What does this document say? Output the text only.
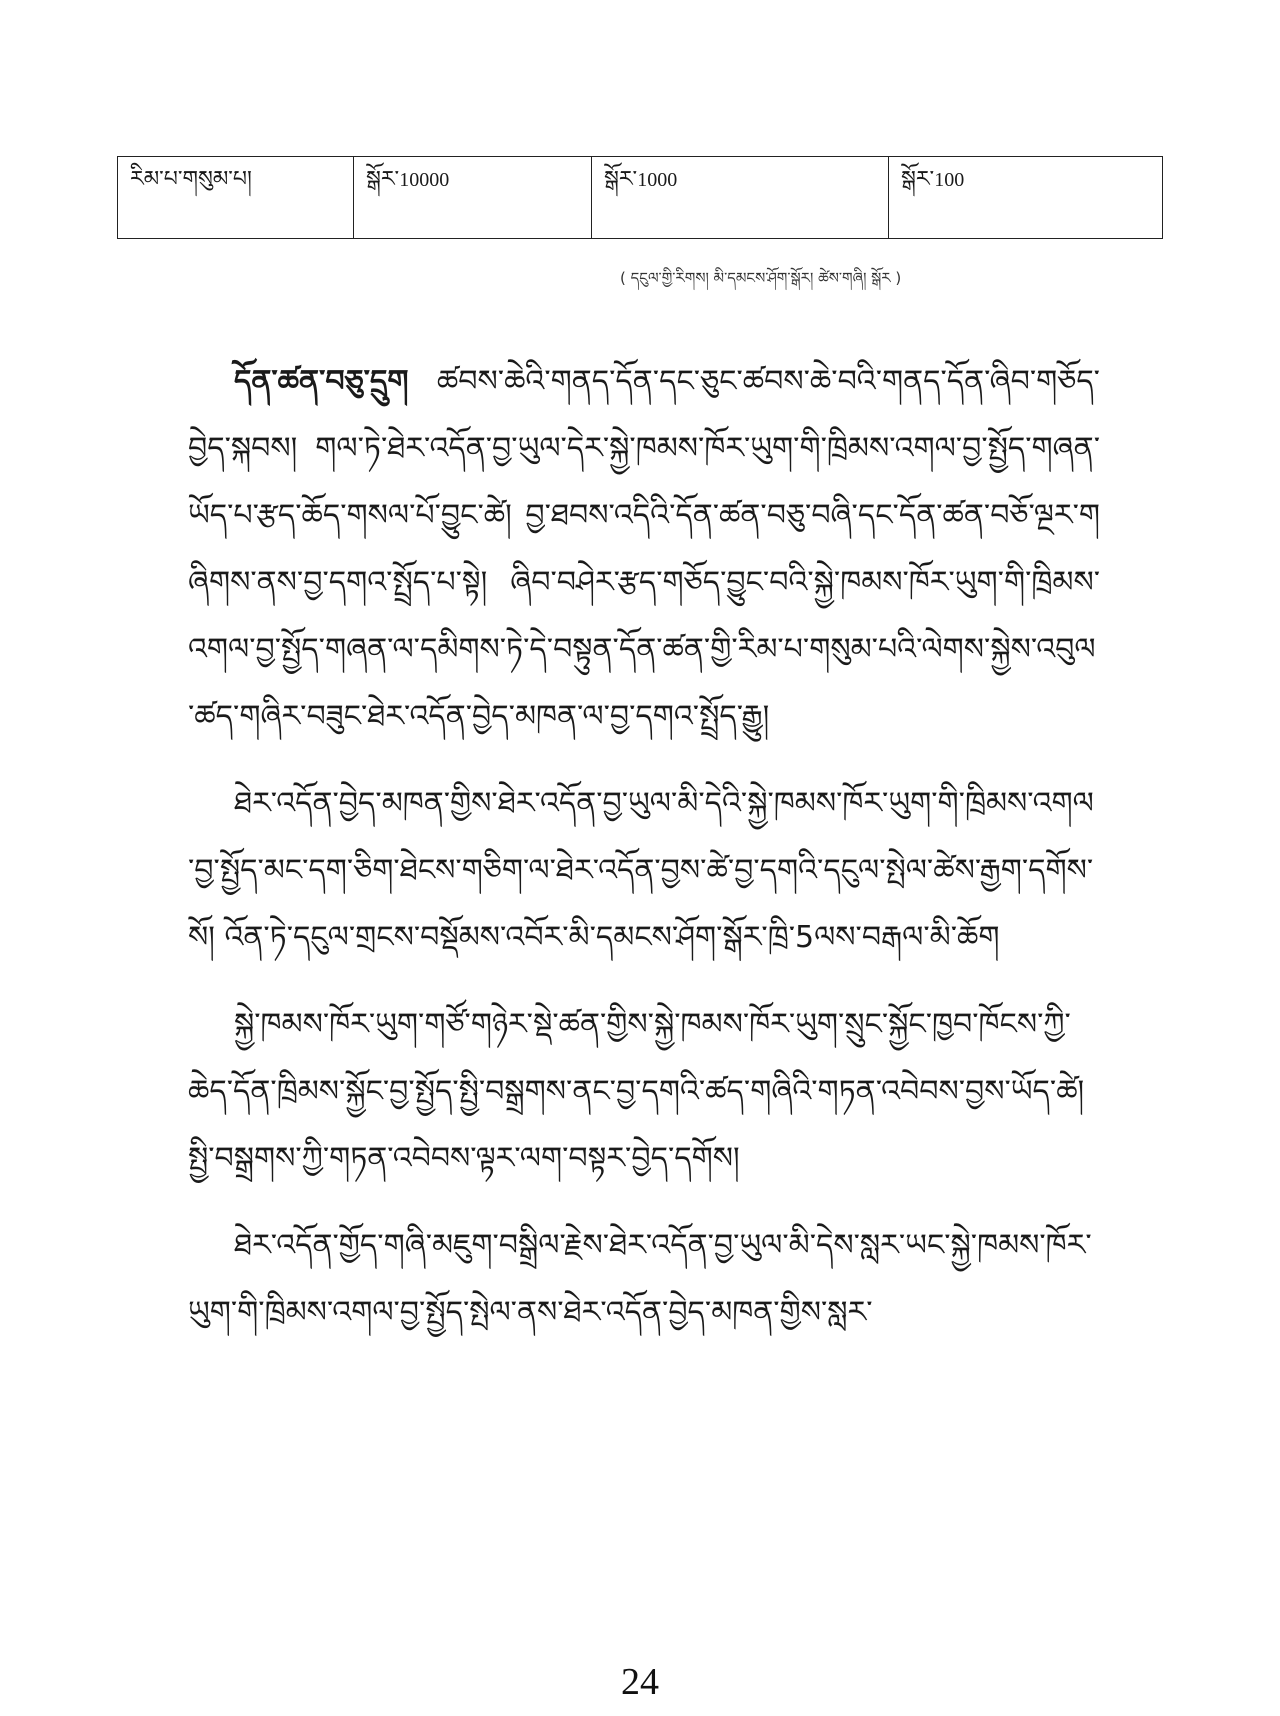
རིམ་པ་གསུམ་པ།	སྒོར་10000	སྒོར་1000	སྒོར་100
( དངུལ་གྱི་རིགས། མི་དམངས་ཤོག་སྒོར། ཚེས་གཞི། སྒོར )

དོན་ཚན་བཅུ་དྲུག ཚབས་ཆེའི་གནད་དོན་དང་ཅུང་ཚབས་ཆེ་བའི་གནད་དོན་ཞིབ་གཅོད་བྱེད་སྐབས། གལ་ཏེ་ཐེར་འདོན་བྱ་ཡུལ་དེར་སྐྱེ་ཁམས་ཁོར་ཡུག་གི་ཁྲིམས་འགལ་བྱ་སྤྱོད་གཞན་ཡོད་པ་རྩད་ཆོད་གསལ་པོ་བྱུང་ཚེ། བྱ་ཐབས་འདིའི་དོན་ཚན་བཅུ་བཞི་དང་དོན་ཚན་བཅོ་ལྔར་གཞིགས་ནས་བྱ་དགའ་སྤྲོད་པ་སྟེ། ཞིབ་བཤེར་རྩད་གཅོད་བྱུང་བའི་སྐྱེ་ཁམས་ཁོར་ཡུག་གི་ཁྲིམས་འགལ་བྱ་སྤྱོད་གཞན་ལ་དམིགས་ཏེ་དེ་བསྟུན་དོན་ཚན་གྱི་རིམ་པ་གསུམ་པའི་ལེགས་སྐྱེས་འབུལ་ཚད་གཞིར་བཟུང་ཐེར་འདོན་བྱེད་མཁན་ལ་བྱ་དགའ་སྤྲོད་རྒྱུ།

ཐེར་འདོན་བྱེད་མཁན་གྱིས་ཐེར་འདོན་བྱ་ཡུལ་མི་དེའི་སྐྱེ་ཁམས་ཁོར་ཡུག་གི་ཁྲིམས་འགལ་བྱ་སྤྱོད་མང་དག་ཅིག་ཐེངས་གཅིག་ལ་ཐེར་འདོན་བྱས་ཚེ་བྱ་དགའི་དངུལ་སྤེལ་ཚེས་རྒྱག་དགོས་སོ། འོན་ཏེ་དངུལ་གྲངས་བསྡོམས་འབོར་མི་དམངས་ཤོག་སྒོར་ཁྲི་5ལས་བརྒལ་མི་ཆོག

སྐྱེ་ཁམས་ཁོར་ཡུག་གཙོ་གཉེར་སྡེ་ཚན་གྱིས་སྐྱེ་ཁམས་ཁོར་ཡུག་སྲུང་སྐྱོང་ཁྱབ་ཁོངས་ཀྱི་ཆེད་དོན་ཁྲིམས་སྐྱོང་བྱ་སྤྱོད་སྤྱི་བསྒྲགས་ནང་བྱ་དགའི་ཚད་གཞིའི་གཏན་འབེབས་བྱས་ཡོད་ཚེ། སྤྱི་བསྒྲགས་ཀྱི་གཏན་འབེབས་ལྟར་ལག་བསྟར་བྱེད་དགོས།

ཐེར་འདོན་གྱོད་གཞི་མཇུག་བསྒྲིལ་རྗེས་ཐེར་འདོན་བྱ་ཡུལ་མི་དེས་སླར་ཡང་སྐྱེ་ཁམས་ཁོར་ཡུག་གི་ཁྲིམས་འགལ་བྱ་སྤྱོད་སྤེལ་ནས་ཐེར་འདོན་བྱེད་མཁན་གྱིས་སླར་

24
